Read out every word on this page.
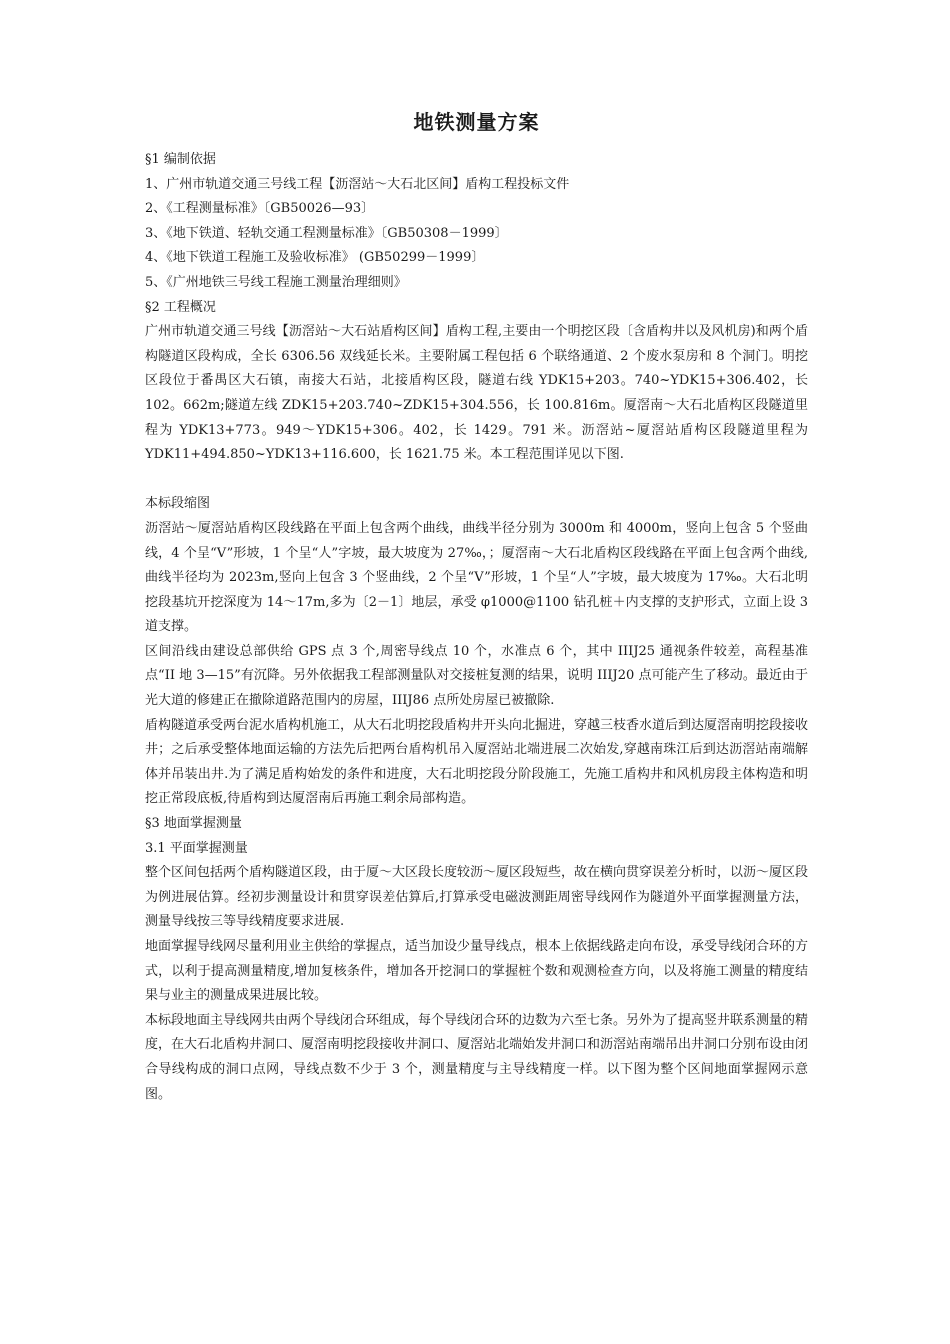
地铁测量方案

§1 编制依据

1、广州市轨道交通三号线工程【沥滘站～大石北区间】盾构工程投标文件

2、《工程测量标准》〔GB50026—93〕

3、《地下铁道、轻轨交通工程测量标准》〔GB50308－1999〕

4、《地下铁道工程施工及验收标准》 (GB50299－1999〕

5、《广州地铁三号线工程施工测量治理细则》

§2 工程概况

广州市轨道交通三号线【沥滘站～大石站盾构区间】盾构工程,主要由一个明挖区段〔含盾构井以及风机房)和两个盾构隧道区段构成，全长 6306.56 双线延长米。主要附属工程包括 6 个联络通道、2 个废水泵房和 8 个洞门。明挖区段位于番禺区大石镇，南接大石站，北接盾构区段，隧道右线 YDK15+203。740~YDK15+306.402，长 102。662m;隧道左线 ZDK15+203.740~ZDK15+304.556，长 100.816m。厦滘南～大石北盾构区段隧道里程为 YDK13+773。949～YDK15+306。402，长 1429。791 米。沥滘站~厦滘站盾构区段隧道里程为 YDK11+494.850~YDK13+116.600，长 1621.75 米。本工程范围详见以下图.

本标段缩图

沥滘站～厦滘站盾构区段线路在平面上包含两个曲线，曲线半径分别为 3000m 和 4000m，竖向上包含 5 个竖曲线，4 个呈“V”形坡，1 个呈“人”字坡，最大坡度为 27‰，；厦滘南～大石北盾构区段线路在平面上包含两个曲线,曲线半径均为 2023m,竖向上包含 3 个竖曲线，2 个呈“V”形坡，1 个呈“人”字坡，最大坡度为 17‰。大石北明挖段基坑开挖深度为 14～17m,多为〔2－1〕地层，承受 φ1000@1100 钻孔桩＋内支撑的支护形式，立面上设 3 道支撑。

区间沿线由建设总部供给 GPS 点 3 个,周密导线点 10 个，水准点 6 个，其中 IIIJ25 通视条件较差，高程基准点“II 地 3—15”有沉降。另外依据我工程部测量队对交接桩复测的结果，说明 IIIJ20 点可能产生了移动。最近由于光大道的修建正在撤除道路范围内的房屋，IIIJ86 点所处房屋已被撤除.

盾构隧道承受两台泥水盾构机施工，从大石北明挖段盾构井开头向北掘进，穿越三枝香水道后到达厦滘南明挖段接收井；之后承受整体地面运输的方法先后把两台盾构机吊入厦滘站北端进展二次始发,穿越南珠江后到达沥滘站南端解体并吊装出井.为了满足盾构始发的条件和进度，大石北明挖段分阶段施工，先施工盾构井和风机房段主体构造和明挖正常段底板,待盾构到达厦滘南后再施工剩余局部构造。

§3 地面掌握测量

3.1 平面掌握测量

整个区间包括两个盾构隧道区段，由于厦～大区段长度较沥～厦区段短些，故在横向贯穿误差分析时，以沥～厦区段为例进展估算。经初步测量设计和贯穿误差估算后,打算承受电磁波测距周密导线网作为隧道外平面掌握测量方法，测量导线按三等导线精度要求进展.

地面掌握导线网尽量利用业主供给的掌握点，适当加设少量导线点，根本上依据线路走向布设，承受导线闭合环的方式，以利于提高测量精度,增加复核条件，增加各开挖洞口的掌握桩个数和观测检查方向，以及将施工测量的精度结果与业主的测量成果进展比较。

本标段地面主导线网共由两个导线闭合环组成，每个导线闭合环的边数为六至七条。另外为了提高竖井联系测量的精度，在大石北盾构井洞口、厦滘南明挖段接收井洞口、厦滘站北端始发井洞口和沥滘站南端吊出井洞口分别布设由闭合导线构成的洞口点网，导线点数不少于 3 个，测量精度与主导线精度一样。以下图为整个区间地面掌握网示意图。
